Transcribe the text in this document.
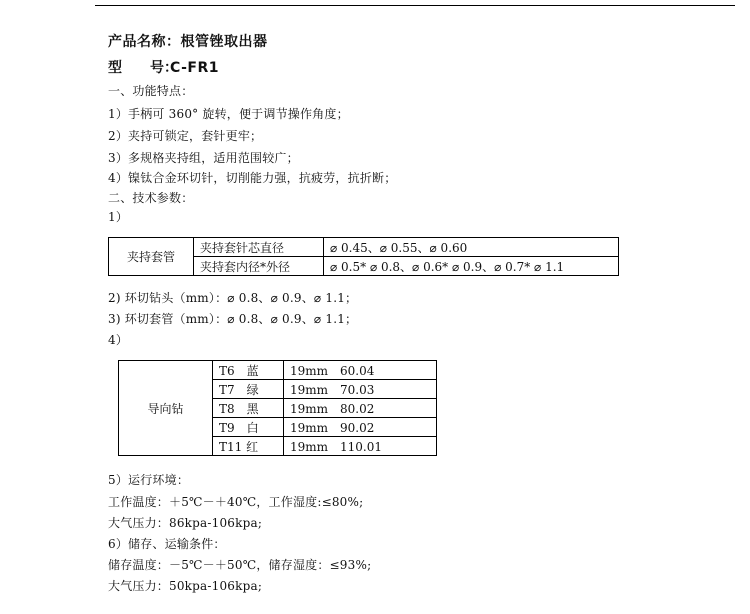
产品名称：根管锉取出器
型　　号：C-FR1
一、功能特点：
1）手柄可 360° 旋转，便于调节操作角度；
2）夹持可锁定，套针更牢；
3）多规格夹持组，适用范围较广；
4）镍钛合金环切针，切削能力强，抗疲劳，抗折断；
二、技术参数：
1）
夹持套管	夹持套针芯直径	⌀ 0.45、⌀ 0.55、⌀ 0.60
	夹持套内径*外径	⌀ 0.5* ⌀ 0.8、⌀ 0.6* ⌀ 0.9、⌀ 0.7* ⌀ 1.1
2) 环切钻头（mm）：⌀ 0.8、⌀ 0.9、⌀ 1.1；
3) 环切套管（mm）：⌀ 0.8、⌀ 0.9、⌀ 1.1；
4）
导向钻	T6　蓝	19mm　60.04
	T7　绿	19mm　70.03
	T8　黑	19mm　80.02
	T9　白	19mm　90.02
	T11 红	19mm　110.01
5）运行环境：
工作温度：＋5℃－＋40℃，工作湿度:≤80%;
大气压力：86kpa-106kpa;
6）储存、运输条件：
储存温度：－5℃－＋50℃，储存湿度：≤93%;
大气压力：50kpa-106kpa;
